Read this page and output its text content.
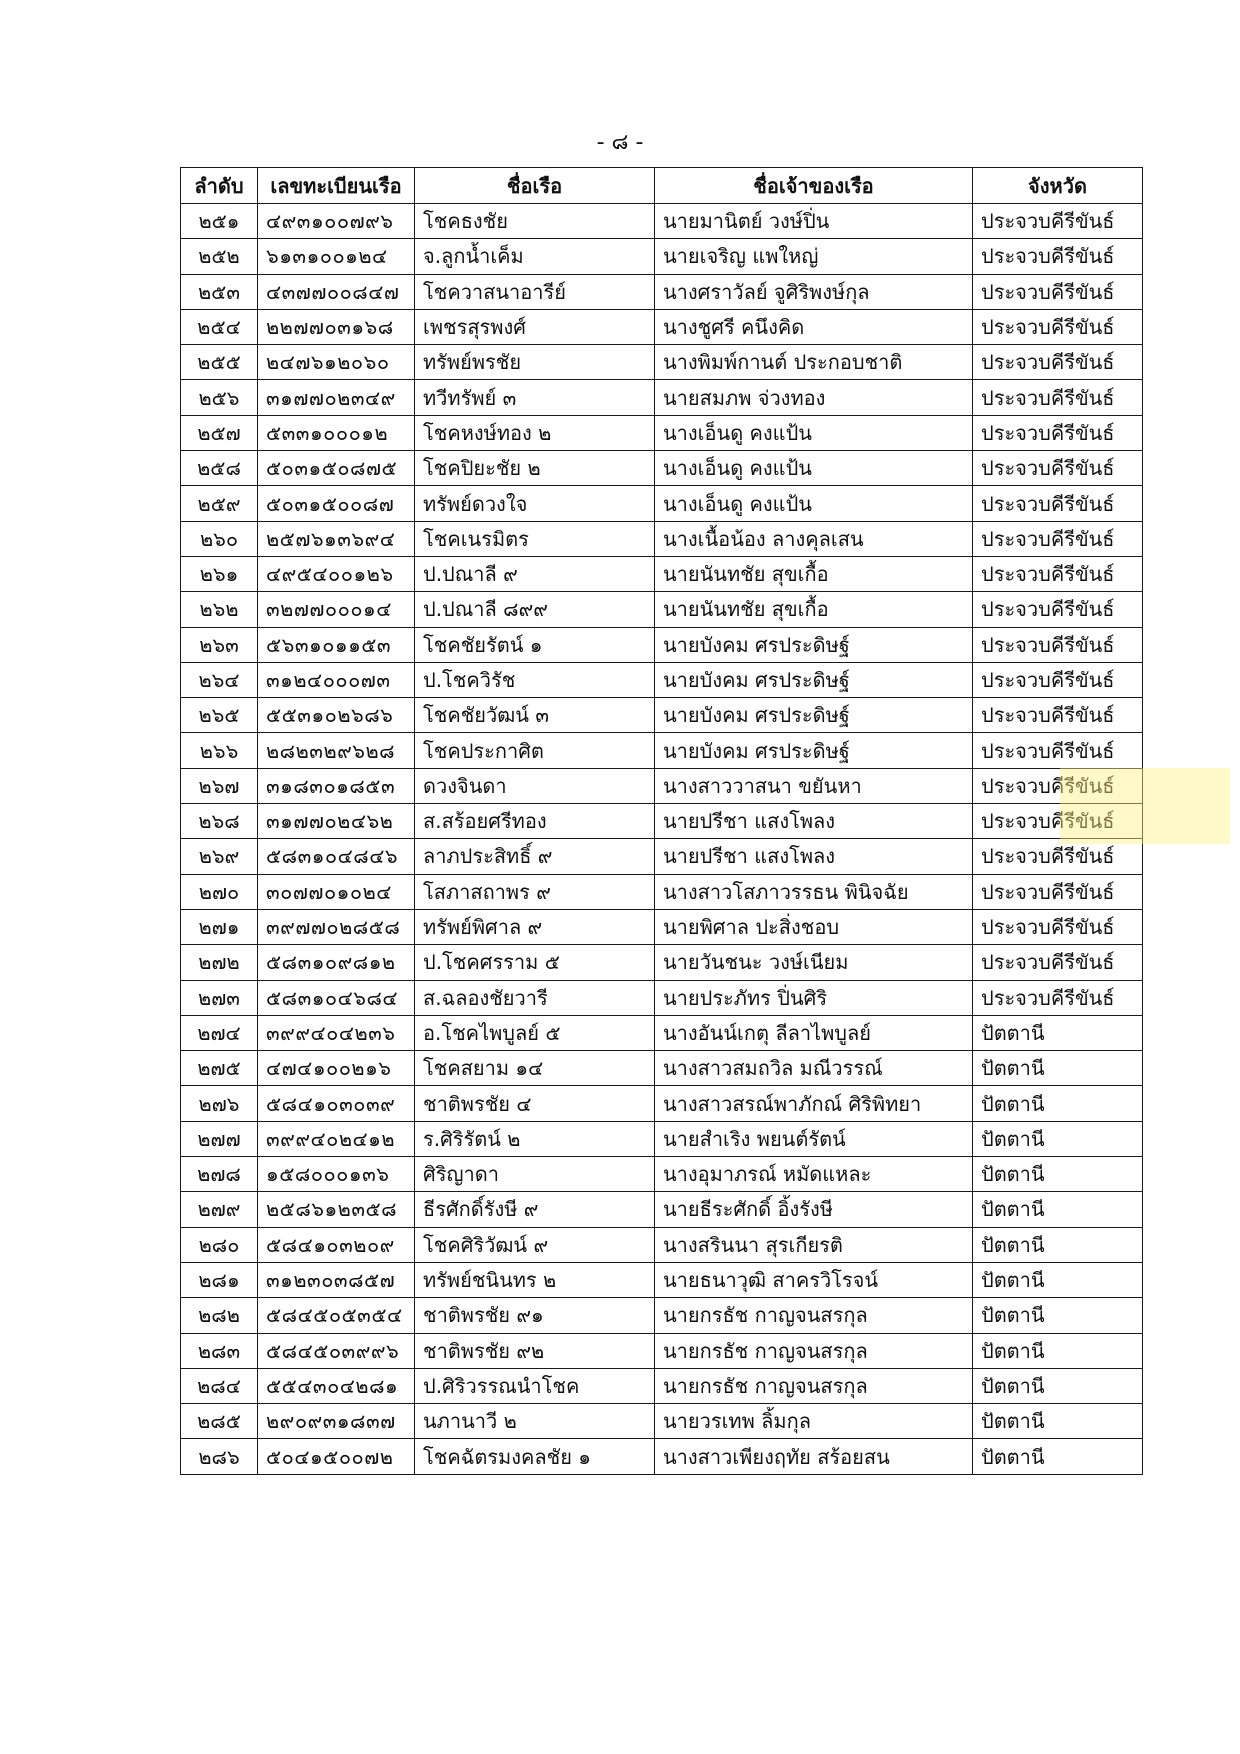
- ๘ -
ลำดับ	เลขทะเบียนเรือ	ชื่อเรือ	ชื่อเจ้าของเรือ	จังหวัด
๒๕๑	๔๙๓๑๐๐๗๙๖	โชคธงชัย	นายมานิตย์ วงษ์ปิ่น	ประจวบคีรีขันธ์
๒๕๒	๖๑๓๑๐๐๑๒๔	จ.ลูกน้ำเค็ม	นายเจริญ แพใหญ่	ประจวบคีรีขันธ์
๒๕๓	๔๓๗๗๐๐๘๔๗	โชควาสนาอารีย์	นางศราวัลย์ จูศิริพงษ์กุล	ประจวบคีรีขันธ์
๒๕๔	๒๒๗๗๐๓๑๖๘	เพชรสุรพงศ์	นางชูศรี คนึงคิด	ประจวบคีรีขันธ์
๒๕๕	๒๔๗๖๑๒๐๖๐	ทรัพย์พรชัย	นางพิมพ์กานต์ ประกอบชาติ	ประจวบคีรีขันธ์
๒๕๖	๓๑๗๗๐๒๓๔๙	ทวีทรัพย์ ๓	นายสมภพ จ่วงทอง	ประจวบคีรีขันธ์
๒๕๗	๕๓๓๑๐๐๐๑๒	โชคหงษ์ทอง ๒	นางเอ็นดู คงแป้น	ประจวบคีรีขันธ์
๒๕๘	๕๐๓๑๕๐๘๗๕	โชคปิยะชัย ๒	นางเอ็นดู คงแป้น	ประจวบคีรีขันธ์
๒๕๙	๕๐๓๑๕๐๐๘๗	ทรัพย์ดวงใจ	นางเอ็นดู คงแป้น	ประจวบคีรีขันธ์
๒๖๐	๒๕๗๖๑๓๖๙๔	โชคเนรมิตร	นางเนื้อน้อง ลางคุลเสน	ประจวบคีรีขันธ์
๒๖๑	๔๙๕๔๐๐๑๒๖	ป.ปณาลี ๙	นายนันทชัย สุขเกื้อ	ประจวบคีรีขันธ์
๒๖๒	๓๒๗๗๐๐๐๑๔	ป.ปณาลี ๘๙๙	นายนันทชัย สุขเกื้อ	ประจวบคีรีขันธ์
๒๖๓	๕๖๓๑๐๑๑๕๓	โชคชัยรัตน์ ๑	นายบังคม ศรประดิษฐ์	ประจวบคีรีขันธ์
๒๖๔	๓๑๒๔๐๐๐๗๓	ป.โชควิรัช	นายบังคม ศรประดิษฐ์	ประจวบคีรีขันธ์
๒๖๕	๕๕๓๑๐๒๖๘๖	โชคชัยวัฒน์ ๓	นายบังคม ศรประดิษฐ์	ประจวบคีรีขันธ์
๒๖๖	๒๘๒๓๒๙๖๒๘	โชคประกาศิต	นายบังคม ศรประดิษฐ์	ประจวบคีรีขันธ์
๒๖๗	๓๑๘๓๐๑๘๕๓	ดวงจินดา	นางสาววาสนา ขยันหา	ประจวบคีรีขันธ์
๒๖๘	๓๑๗๗๐๒๔๖๒	ส.สร้อยศรีทอง	นายปรีชา แสงโพลง	ประจวบคีรีขันธ์
๒๖๙	๕๘๓๑๐๔๘๔๖	ลาภประสิทธิ์ ๙	นายปรีชา แสงโพลง	ประจวบคีรีขันธ์
๒๗๐	๓๐๗๗๐๑๐๒๔	โสภาสถาพร ๙	นางสาวโสภาวรรธน พินิจฉัย	ประจวบคีรีขันธ์
๒๗๑	๓๙๗๗๐๒๘๕๘	ทรัพย์พิศาล ๙	นายพิศาล ปะสิ่งชอบ	ประจวบคีรีขันธ์
๒๗๒	๕๘๓๑๐๙๘๑๒	ป.โชคศรราม ๕	นายวันชนะ วงษ์เนียม	ประจวบคีรีขันธ์
๒๗๓	๕๘๓๑๐๔๖๘๔	ส.ฉลองชัยวารี	นายประภัทร ปิ่นศิริ	ประจวบคีรีขันธ์
๒๗๔	๓๙๙๔๐๔๒๓๖	อ.โชคไพบูลย์ ๕	นางอันน์เกตุ ลีลาไพบูลย์	ปัตตานี
๒๗๕	๔๗๔๑๐๐๒๑๖	โชคสยาม ๑๔	นางสาวสมถวิล มณีวรรณ์	ปัตตานี
๒๗๖	๕๘๔๑๐๓๐๓๙	ชาติพรชัย ๔	นางสาวสรณ์พาภักณ์ ศิริพิทยา	ปัตตานี
๒๗๗	๓๙๙๔๐๒๔๑๒	ร.ศิริรัตน์ ๒	นายสำเริง พยนต์รัตน์	ปัตตานี
๒๗๘	๑๕๘๐๐๐๑๓๖	ศิริญาดา	นางอุมาภรณ์ หมัดแหละ	ปัตตานี
๒๗๙	๒๕๘๖๑๒๓๕๘	ธีรศักดิ์รังษี ๙	นายธีระศักดิ์ อิ้งรังษี	ปัตตานี
๒๘๐	๕๘๔๑๐๓๒๐๙	โชคศิริวัฒน์ ๙	นางสรินนา สุรเกียรติ	ปัตตานี
๒๘๑	๓๑๒๓๐๓๘๕๗	ทรัพย์ชนินทร ๒	นายธนาวุฒิ สาครวิโรจน์	ปัตตานี
๒๘๒	๕๘๔๕๐๕๓๕๔	ชาติพรชัย ๙๑	นายกรธัช กาญจนสรกุล	ปัตตานี
๒๘๓	๕๘๔๕๐๓๙๙๖	ชาติพรชัย ๙๒	นายกรธัช กาญจนสรกุล	ปัตตานี
๒๘๔	๕๕๔๓๐๔๒๘๑	ป.ศิริวรรณนำโชค	นายกรธัช กาญจนสรกุล	ปัตตานี
๒๘๕	๒๙๐๙๓๑๘๓๗	นภานาวี ๒	นายวรเทพ ลิ้มกุล	ปัตตานี
๒๘๖	๕๐๔๑๕๐๐๗๒	โชคฉัตรมงคลชัย ๑	นางสาวเพียงฤทัย สร้อยสน	ปัตตานี
